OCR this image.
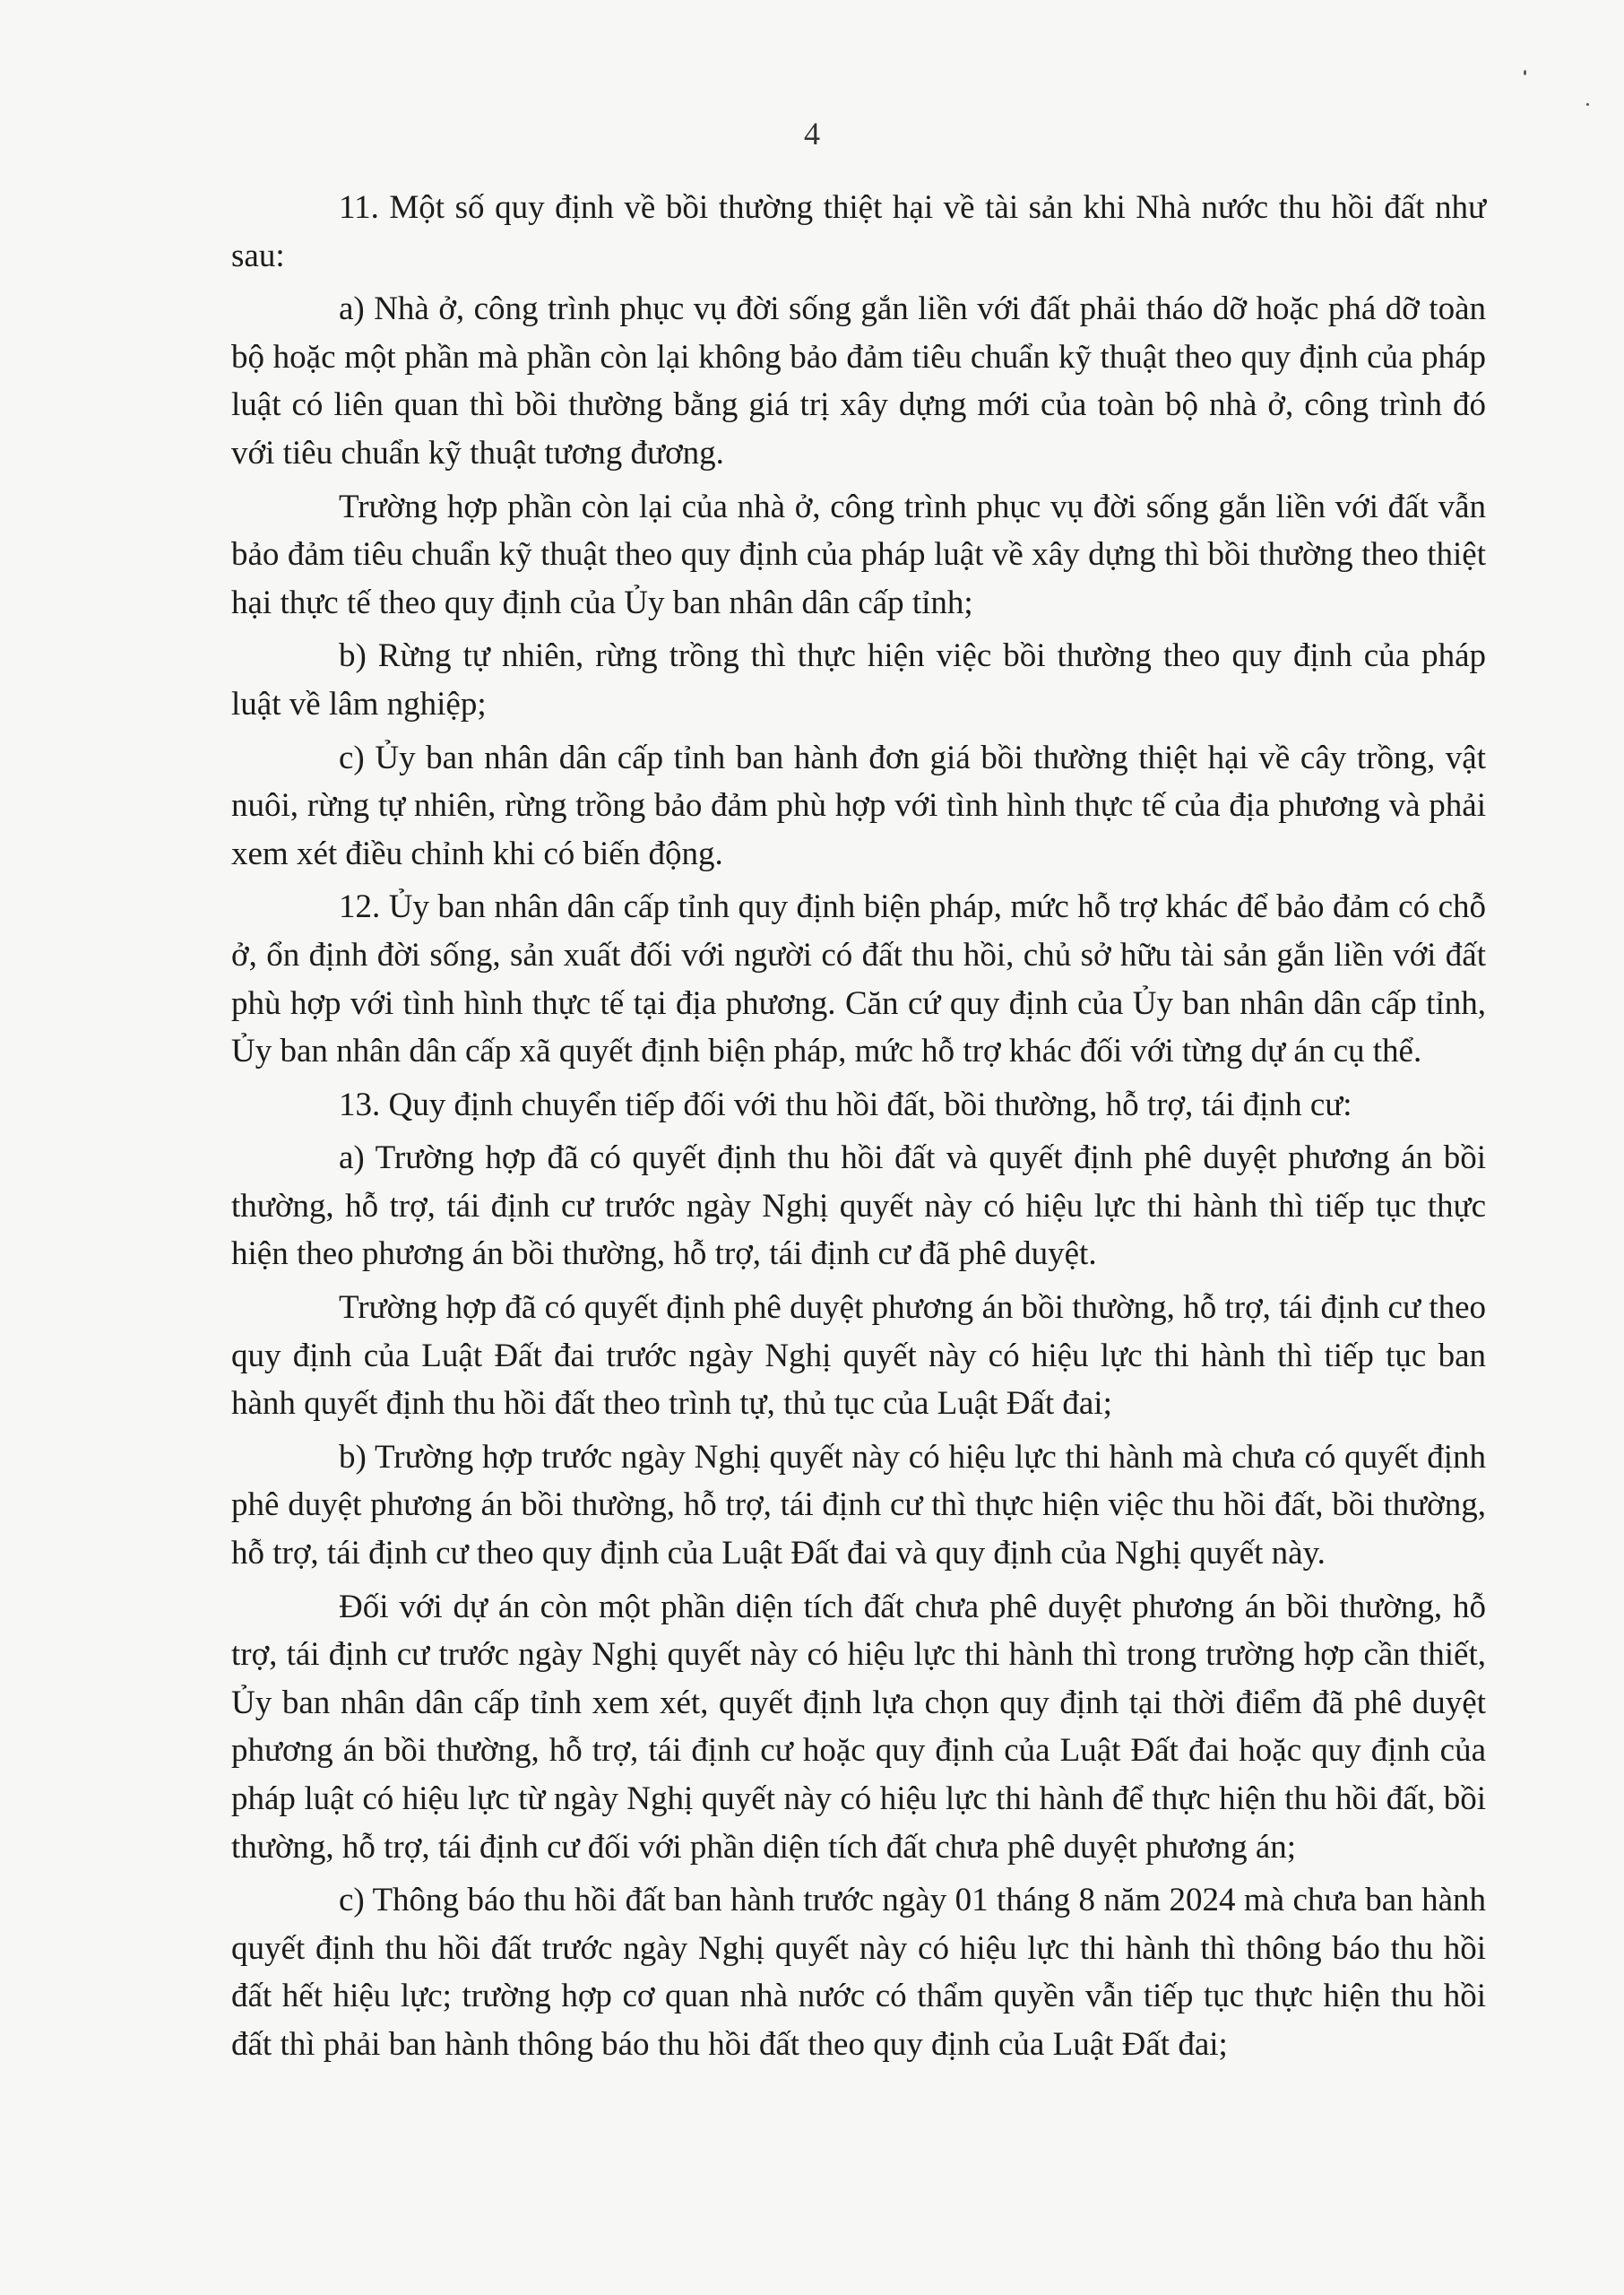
4

11. Một số quy định về bồi thường thiệt hại về tài sản khi Nhà nước thu hồi đất như sau:

a) Nhà ở, công trình phục vụ đời sống gắn liền với đất phải tháo dỡ hoặc phá dỡ toàn bộ hoặc một phần mà phần còn lại không bảo đảm tiêu chuẩn kỹ thuật theo quy định của pháp luật có liên quan thì bồi thường bằng giá trị xây dựng mới của toàn bộ nhà ở, công trình đó với tiêu chuẩn kỹ thuật tương đương.

Trường hợp phần còn lại của nhà ở, công trình phục vụ đời sống gắn liền với đất vẫn bảo đảm tiêu chuẩn kỹ thuật theo quy định của pháp luật về xây dựng thì bồi thường theo thiệt hại thực tế theo quy định của Ủy ban nhân dân cấp tỉnh;

b) Rừng tự nhiên, rừng trồng thì thực hiện việc bồi thường theo quy định của pháp luật về lâm nghiệp;

c) Ủy ban nhân dân cấp tỉnh ban hành đơn giá bồi thường thiệt hại về cây trồng, vật nuôi, rừng tự nhiên, rừng trồng bảo đảm phù hợp với tình hình thực tế của địa phương và phải xem xét điều chỉnh khi có biến động.

12. Ủy ban nhân dân cấp tỉnh quy định biện pháp, mức hỗ trợ khác để bảo đảm có chỗ ở, ổn định đời sống, sản xuất đối với người có đất thu hồi, chủ sở hữu tài sản gắn liền với đất phù hợp với tình hình thực tế tại địa phương. Căn cứ quy định của Ủy ban nhân dân cấp tỉnh, Ủy ban nhân dân cấp xã quyết định biện pháp, mức hỗ trợ khác đối với từng dự án cụ thể.

13. Quy định chuyển tiếp đối với thu hồi đất, bồi thường, hỗ trợ, tái định cư:

a) Trường hợp đã có quyết định thu hồi đất và quyết định phê duyệt phương án bồi thường, hỗ trợ, tái định cư trước ngày Nghị quyết này có hiệu lực thi hành thì tiếp tục thực hiện theo phương án bồi thường, hỗ trợ, tái định cư đã phê duyệt.

Trường hợp đã có quyết định phê duyệt phương án bồi thường, hỗ trợ, tái định cư theo quy định của Luật Đất đai trước ngày Nghị quyết này có hiệu lực thi hành thì tiếp tục ban hành quyết định thu hồi đất theo trình tự, thủ tục của Luật Đất đai;

b) Trường hợp trước ngày Nghị quyết này có hiệu lực thi hành mà chưa có quyết định phê duyệt phương án bồi thường, hỗ trợ, tái định cư thì thực hiện việc thu hồi đất, bồi thường, hỗ trợ, tái định cư theo quy định của Luật Đất đai và quy định của Nghị quyết này.

Đối với dự án còn một phần diện tích đất chưa phê duyệt phương án bồi thường, hỗ trợ, tái định cư trước ngày Nghị quyết này có hiệu lực thi hành thì trong trường hợp cần thiết, Ủy ban nhân dân cấp tỉnh xem xét, quyết định lựa chọn quy định tại thời điểm đã phê duyệt phương án bồi thường, hỗ trợ, tái định cư hoặc quy định của Luật Đất đai hoặc quy định của pháp luật có hiệu lực từ ngày Nghị quyết này có hiệu lực thi hành để thực hiện thu hồi đất, bồi thường, hỗ trợ, tái định cư đối với phần diện tích đất chưa phê duyệt phương án;

c) Thông báo thu hồi đất ban hành trước ngày 01 tháng 8 năm 2024 mà chưa ban hành quyết định thu hồi đất trước ngày Nghị quyết này có hiệu lực thi hành thì thông báo thu hồi đất hết hiệu lực; trường hợp cơ quan nhà nước có thẩm quyền vẫn tiếp tục thực hiện thu hồi đất thì phải ban hành thông báo thu hồi đất theo quy định của Luật Đất đai;
